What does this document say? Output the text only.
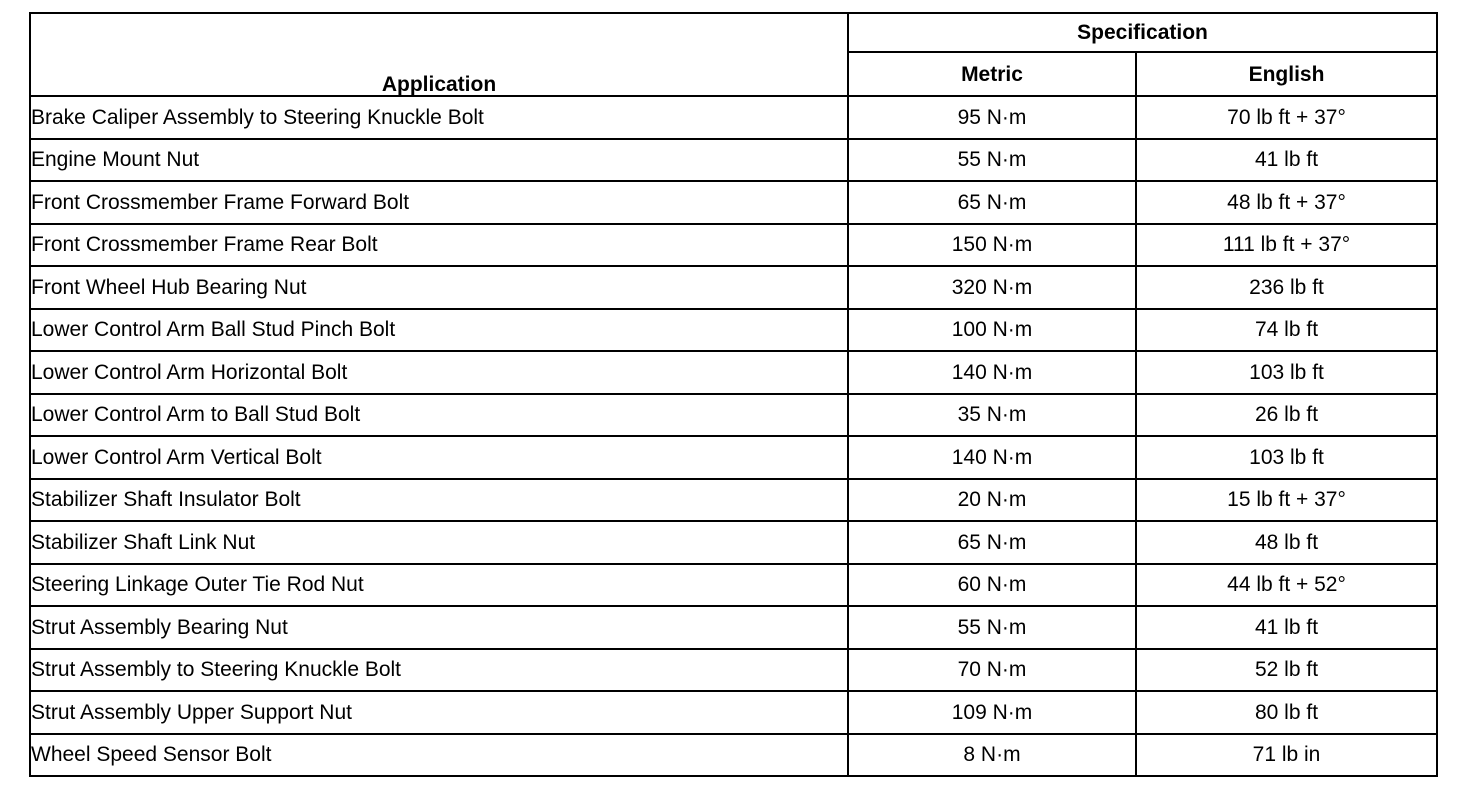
Application	Specification	
	Metric	English
Brake Caliper Assembly to Steering Knuckle Bolt	95 N·m	70 lb ft + 37°
Engine Mount Nut	55 N·m	41 lb ft
Front Crossmember Frame Forward Bolt	65 N·m	48 lb ft + 37°
Front Crossmember Frame Rear Bolt	150 N·m	111 lb ft + 37°
Front Wheel Hub Bearing Nut	320 N·m	236 lb ft
Lower Control Arm Ball Stud Pinch Bolt	100 N·m	74 lb ft
Lower Control Arm Horizontal Bolt	140 N·m	103 lb ft
Lower Control Arm to Ball Stud Bolt	35 N·m	26 lb ft
Lower Control Arm Vertical Bolt	140 N·m	103 lb ft
Stabilizer Shaft Insulator Bolt	20 N·m	15 lb ft + 37°
Stabilizer Shaft Link Nut	65 N·m	48 lb ft
Steering Linkage Outer Tie Rod Nut	60 N·m	44 lb ft + 52°
Strut Assembly Bearing Nut	55 N·m	41 lb ft
Strut Assembly to Steering Knuckle Bolt	70 N·m	52 lb ft
Strut Assembly Upper Support Nut	109 N·m	80 lb ft
Wheel Speed Sensor Bolt	8 N·m	71 lb in
